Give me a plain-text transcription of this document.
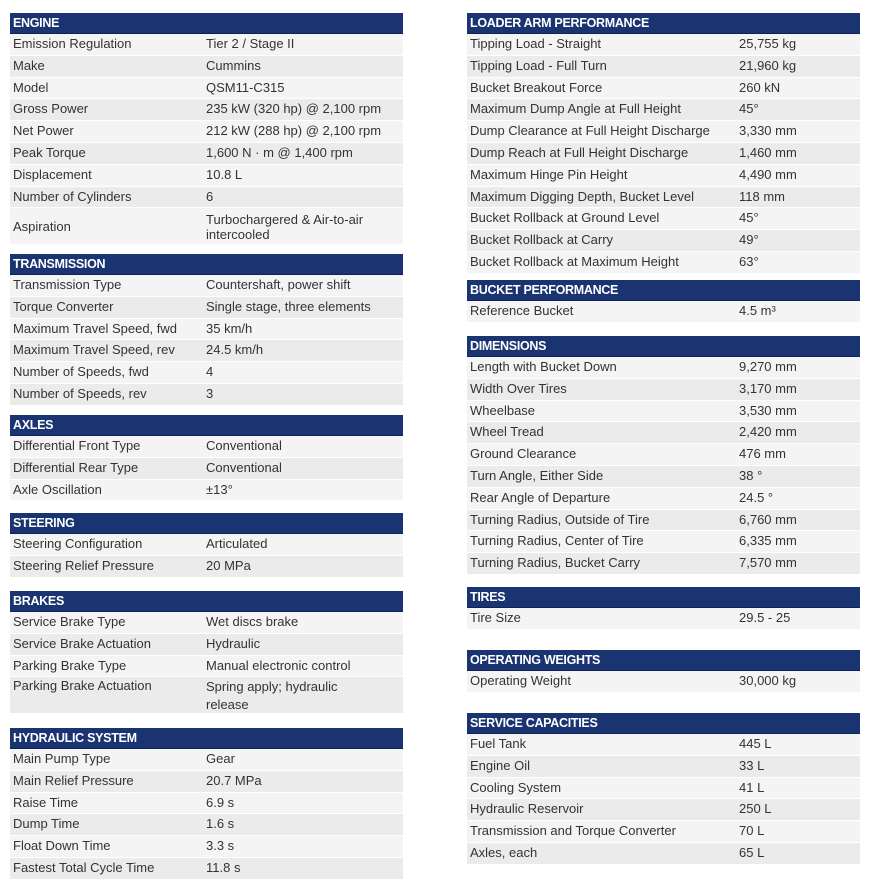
ENGINE
Emission Regulation	Tier 2 / Stage II
Make	Cummins
Model	QSM11-C315
Gross Power	235 kW (320 hp) @ 2,100 rpm
Net Power	212 kW (288 hp) @ 2,100 rpm
Peak Torque	1,600 N · m @ 1,400 rpm
Displacement	10.8 L
Number of Cylinders	6
Aspiration	Turbochargered & Air-to-air intercooled
TRANSMISSION
Transmission Type	Countershaft, power shift
Torque Converter	Single stage, three elements
Maximum Travel Speed, fwd	35 km/h
Maximum Travel Speed, rev	24.5 km/h
Number of Speeds, fwd	4
Number of Speeds, rev	3
AXLES
Differential Front Type	Conventional
Differential Rear Type	Conventional
Axle Oscillation	±13°
STEERING
Steering Configuration	Articulated
Steering Relief Pressure	20 MPa
BRAKES
Service Brake Type	Wet discs brake
Service Brake Actuation	Hydraulic
Parking Brake Type	Manual electronic control
Parking Brake Actuation	Spring apply; hydraulic release
HYDRAULIC SYSTEM
Main Pump Type	Gear
Main Relief Pressure	20.7 MPa
Raise Time	6.9 s
Dump Time	1.6 s
Float Down Time	3.3 s
Fastest Total Cycle Time	11.8 s
LOADER ARM PERFORMANCE
Tipping Load - Straight	25,755 kg
Tipping Load - Full Turn	21,960 kg
Bucket Breakout Force	260 kN
Maximum Dump Angle at Full Height	45°
Dump Clearance at Full Height Discharge	3,330 mm
Dump Reach at Full Height Discharge	1,460 mm
Maximum Hinge Pin Height	4,490 mm
Maximum Digging Depth, Bucket Level	118 mm
Bucket Rollback at Ground Level	45°
Bucket Rollback at Carry	49°
Bucket Rollback at Maximum Height	63°
BUCKET PERFORMANCE
Reference Bucket	4.5 m³
DIMENSIONS
Length with Bucket Down	9,270 mm
Width Over Tires	3,170 mm
Wheelbase	3,530 mm
Wheel Tread	2,420 mm
Ground Clearance	476 mm
Turn Angle, Either Side	38 °
Rear Angle of Departure	24.5 °
Turning Radius, Outside of Tire	6,760 mm
Turning Radius, Center of Tire	6,335 mm
Turning Radius, Bucket Carry	7,570 mm
TIRES
Tire Size	29.5 - 25
OPERATING WEIGHTS
Operating Weight	30,000 kg
SERVICE CAPACITIES
Fuel Tank	445 L
Engine Oil	33 L
Cooling System	41 L
Hydraulic Reservoir	250 L
Transmission and Torque Converter	70 L
Axles, each	65 L
